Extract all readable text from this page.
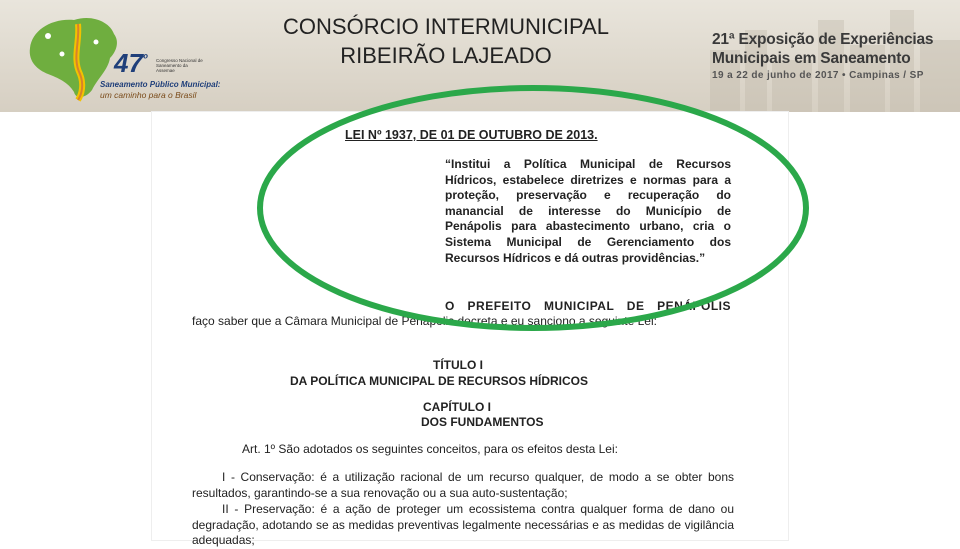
$47^º$ Congresso Nacional de Saneamento da Assemae
Saneamento Público Municipal:
um caminho para o Brasil
CONSÓRCIO INTERMUNICIPAL
RIBEIRÃO LAJEADO
21ª Exposição de Experiências
Municipais em Saneamento
19 a 22 de junho de 2017 • Campinas / SP

LEI Nº 1937, DE 01 DE OUTUBRO DE 2013.

“Institui a Política Municipal de Recursos Hídricos, estabelece diretrizes e normas para a proteção, preservação e recuperação do manancial de interesse do Município de Penápolis para abastecimento urbano, cria o Sistema Municipal de Gerenciamento dos Recursos Hídricos e dá outras providências.”

O PREFEITO MUNICIPAL DE PENÁPOLIS

faço saber que a Câmara Municipal de Penápolis decreta e eu sanciono a seguinte Lei:

TÍTULO I

DA POLÍTICA MUNICIPAL DE RECURSOS HÍDRICOS

CAPÍTULO I

DOS FUNDAMENTOS

Art. 1º São adotados os seguintes conceitos, para os efeitos desta Lei:

I - Conservação: é a utilização racional de um recurso qualquer, de modo a se obter bons resultados, garantindo-se a sua renovação ou a sua auto-sustentação;

II - Preservação: é a ação de proteger um ecossistema contra qualquer forma de dano ou degradação, adotando se as medidas preventivas legalmente necessárias e as medidas de vigilância adequadas;
